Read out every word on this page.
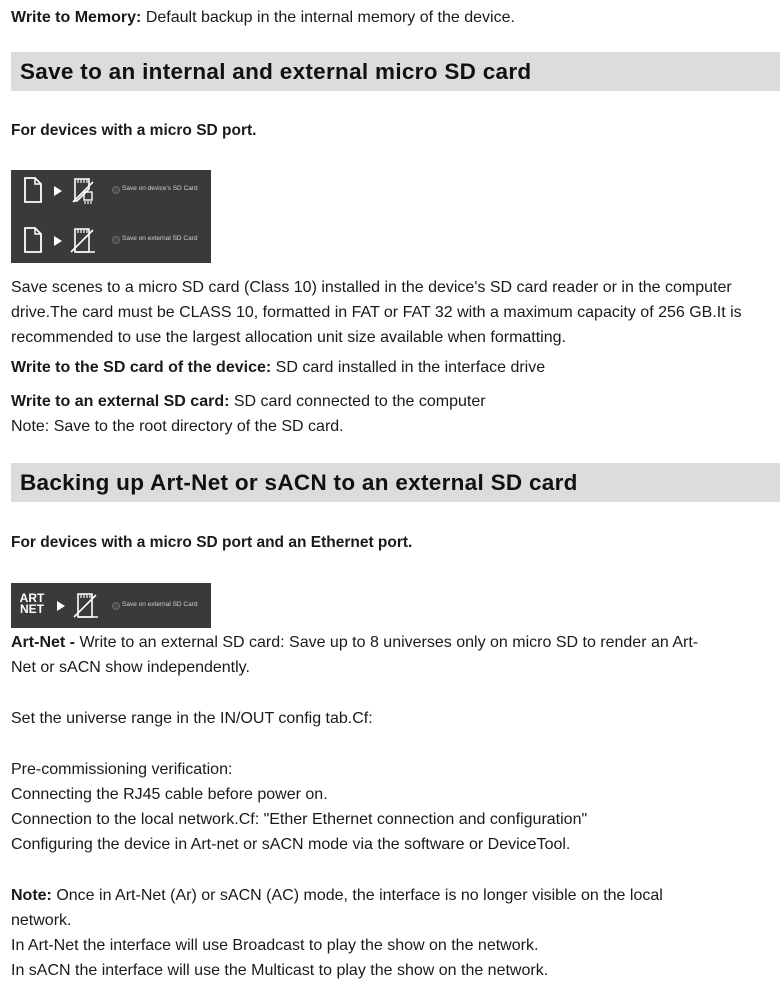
Write to Memory: Default backup in the internal memory of the device.
Save to an internal and external micro SD card
For devices with a micro SD port.
Save on device's SD Card
Save on external SD Card
Save scenes to a micro SD card (Class 10) installed in the device's SD card reader or in the computer drive.The card must be CLASS 10, formatted in FAT or FAT 32 with a maximum capacity of 256 GB.It is recommended to use the largest allocation unit size available when formatting.
Write to the SD card of the device: SD card installed in the interface drive
Write to an external SD card: SD card connected to the computer
Note: Save to the root directory of the SD card.
Backing up Art-Net or sACN to an external SD card
For devices with a micro SD port and an Ethernet port.
ART
NET	Save on external SD Card
Art-Net - Write to an external SD card: Save up to 8 universes only on micro SD to render an Art-
Net or sACN show independently.
Set the universe range in the IN/OUT config tab.Cf:
Pre-commissioning verification:
Connecting the RJ45 cable before power on.
Connection to the local network.Cf: "Ether Ethernet connection and configuration"
Configuring the device in Art-net or sACN mode via the software or DeviceTool.
Note: Once in Art-Net (Ar) or sACN (AC) mode, the interface is no longer visible on the local
network.
In Art-Net the interface will use Broadcast to play the show on the network.
In sACN the interface will use the Multicast to play the show on the network.
